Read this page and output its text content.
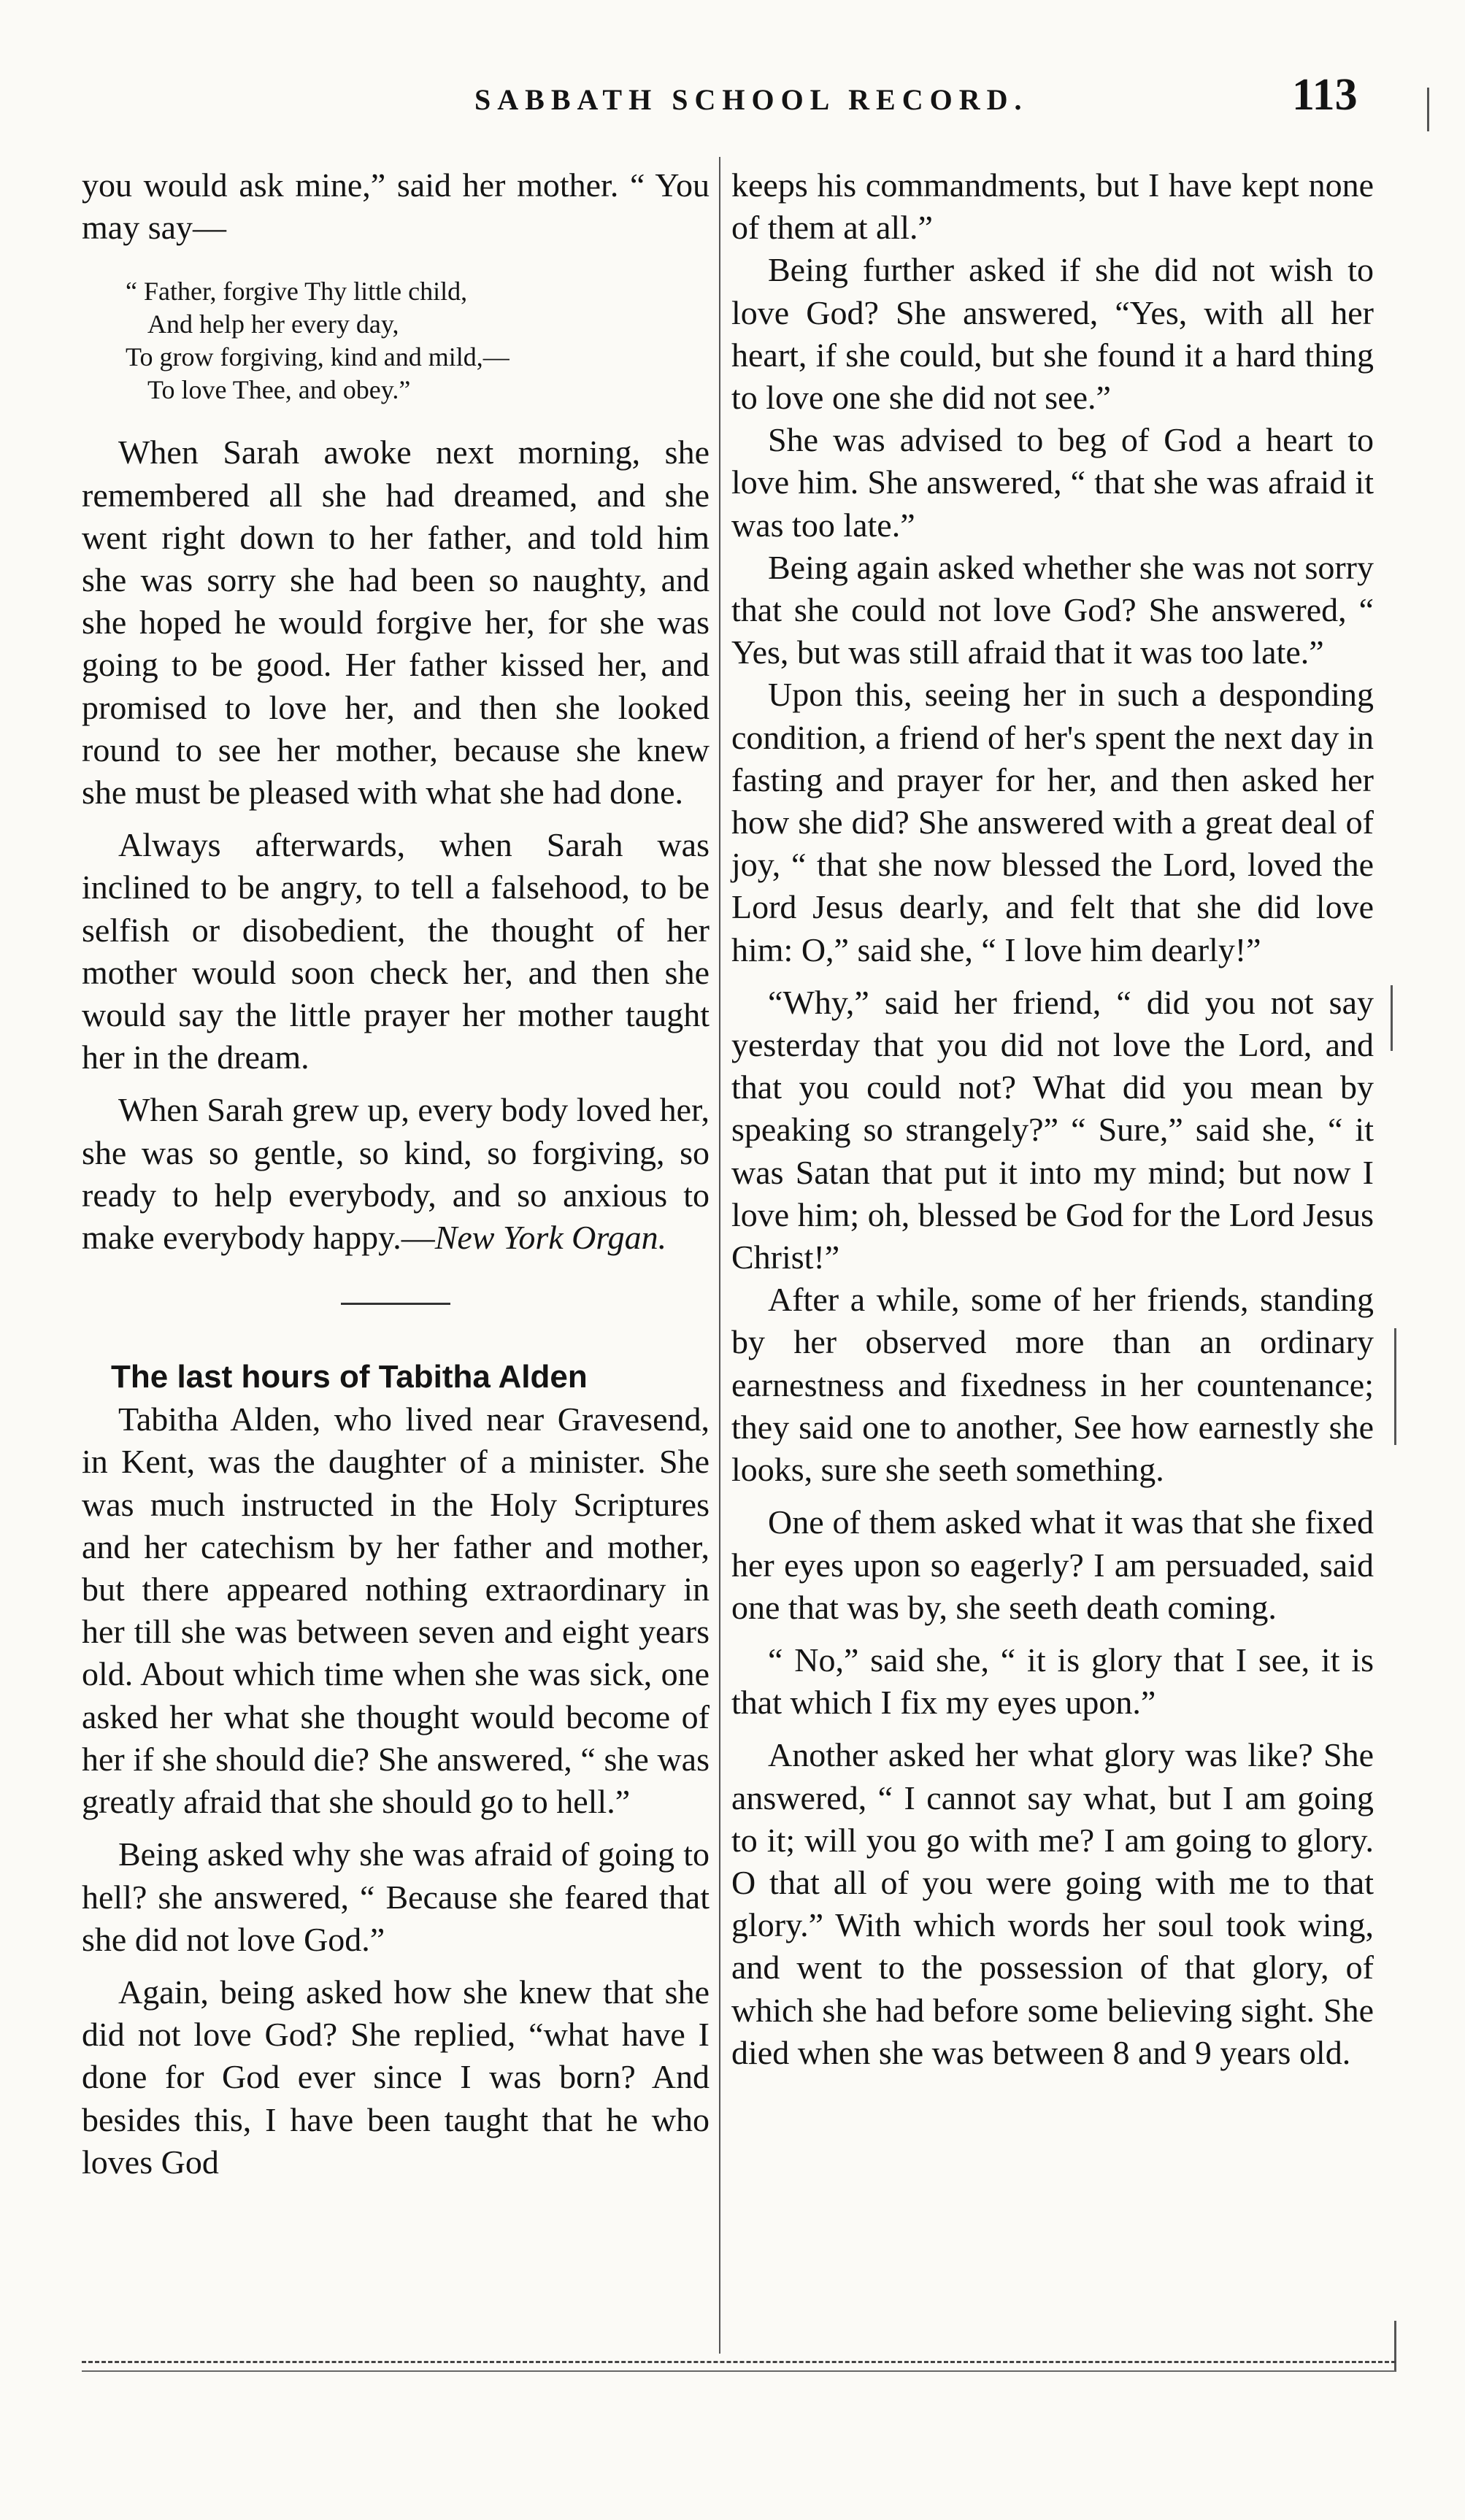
SABBATH SCHOOL RECORD.	113

you would ask mine,” said her mother. “ You may say—

“ Father, forgive Thy little child,
And help her every day,
To grow forgiving, kind and mild,—
To love Thee, and obey.”

When Sarah awoke next morning, she remembered all she had dreamed, and she went right down to her father, and told him she was sorry she had been so naughty, and she hoped he would forgive her, for she was going to be good. Her father kissed her, and promised to love her, and then she looked round to see her mother, because she knew she must be pleased with what she had done.

Always afterwards, when Sarah was inclined to be angry, to tell a falsehood, to be selfish or disobedient, the thought of her mother would soon check her, and then she would say the little prayer her mother taught her in the dream.

When Sarah grew up, every body loved her, she was so gentle, so kind, so forgiving, so ready to help everybody, and so anxious to make everybody happy.—New York Organ.

The last hours of Tabitha Alden

Tabitha Alden, who lived near Gravesend, in Kent, was the daughter of a minister. She was much instructed in the Holy Scriptures and her catechism by her father and mother, but there appeared nothing extraordinary in her till she was between seven and eight years old. About which time when she was sick, one asked her what she thought would become of her if she should die? She answered, “ she was greatly afraid that she should go to hell.”

Being asked why she was afraid of going to hell? she answered, “ Because she feared that she did not love God.”

Again, being asked how she knew that she did not love God? She replied, “what have I done for God ever since I was born? And besides this, I have been taught that he who loves God

keeps his commandments, but I have kept none of them at all.”

Being further asked if she did not wish to love God? She answered, “Yes, with all her heart, if she could, but she found it a hard thing to love one she did not see.”

She was advised to beg of God a heart to love him. She answered, “ that she was afraid it was too late.”

Being again asked whether she was not sorry that she could not love God? She answered, “ Yes, but was still afraid that it was too late.”

Upon this, seeing her in such a desponding condition, a friend of her's spent the next day in fasting and prayer for her, and then asked her how she did? She answered with a great deal of joy, “ that she now blessed the Lord, loved the Lord Jesus dearly, and felt that she did love him: O,” said she, “ I love him dearly!”

“Why,” said her friend, “ did you not say yesterday that you did not love the Lord, and that you could not? What did you mean by speaking so strangely?” “ Sure,” said she, “ it was Satan that put it into my mind; but now I love him; oh, blessed be God for the Lord Jesus Christ!”

After a while, some of her friends, standing by her observed more than an ordinary earnestness and fixedness in her countenance; they said one to another, See how earnestly she looks, sure she seeth something.

One of them asked what it was that she fixed her eyes upon so eagerly? I am persuaded, said one that was by, she seeth death coming.

“ No,” said she, “ it is glory that I see, it is that which I fix my eyes upon.”

Another asked her what glory was like? She answered, “ I cannot say what, but I am going to it; will you go with me? I am going to glory. O that all of you were going with me to that glory.” With which words her soul took wing, and went to the possession of that glory, of which she had before some believing sight. She died when she was between 8 and 9 years old.
